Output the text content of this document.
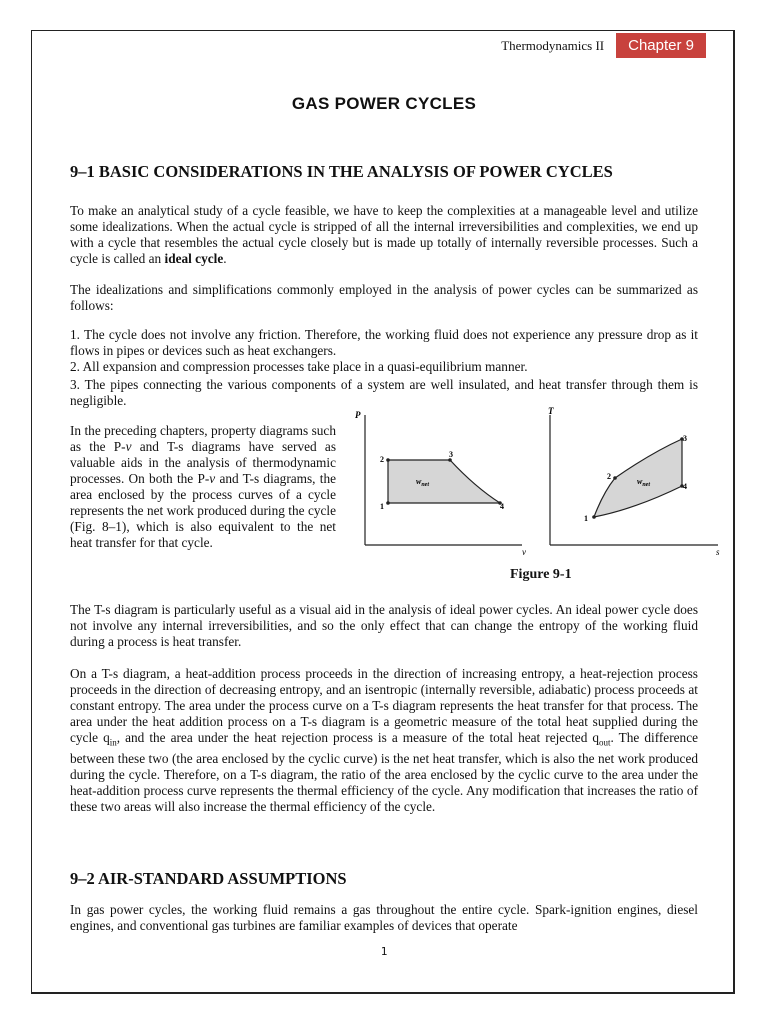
Thermodynamics II	Chapter 9
GAS POWER CYCLES
9–1 BASIC CONSIDERATIONS IN THE ANALYSIS OF POWER CYCLES

To make an analytical study of a cycle feasible, we have to keep the complexities at a manageable level and utilize some idealizations. When the actual cycle is stripped of all the internal irreversibilities and complexities, we end up with a cycle that resembles the actual cycle closely but is made up totally of internally reversible processes. Such a cycle is called an ideal cycle.

The idealizations and simplifications commonly employed in the analysis of power cycles can be summarized as follows:

1. The cycle does not involve any friction. Therefore, the working fluid does not experience any pressure drop as it flows in pipes or devices such as heat exchangers.

2. All expansion and compression processes take place in a quasi-equilibrium manner.

3. The pipes connecting the various components of a system are well insulated, and heat transfer through them is negligible.

In the preceding chapters, property diagrams such as the P-v and T-s diagrams have served as valuable aids in the analysis of thermodynamic processes. On both the P-v and T-s diagrams, the area enclosed by the process curves of a cycle represents the net work produced during the cycle (Fig. 8–1), which is also equivalent to the net heat transfer for that cycle.

P
v
1
2
3
4
$w_{net}$
T
s
1
2
3
4
$w_{net}$
Figure 9-1

The T-s diagram is particularly useful as a visual aid in the analysis of ideal power cycles. An ideal power cycle does not involve any internal irreversibilities, and so the only effect that can change the entropy of the working fluid during a process is heat transfer.

On a T-s diagram, a heat-addition process proceeds in the direction of increasing entropy, a heat-rejection process proceeds in the direction of decreasing entropy, and an isentropic (internally reversible, adiabatic) process proceeds at constant entropy. The area under the process curve on a T-s diagram represents the heat transfer for that process. The area under the heat addition process on a T-s diagram is a geometric measure of the total heat supplied during the cycle $q_{in}$, and the area under the heat rejection process is a measure of the total heat rejected $q_{out}$. The difference between these two (the area enclosed by the cyclic curve) is the net heat transfer, which is also the net work produced during the cycle. Therefore, on a T-s diagram, the ratio of the area enclosed by the cyclic curve to the area under the heat-addition process curve represents the thermal efficiency of the cycle. Any modification that increases the ratio of these two areas will also increase the thermal efficiency of the cycle.

9–2 AIR-STANDARD ASSUMPTIONS

In gas power cycles, the working fluid remains a gas throughout the entire cycle. Spark-ignition engines, diesel engines, and conventional gas turbines are familiar examples of devices that operate

1
